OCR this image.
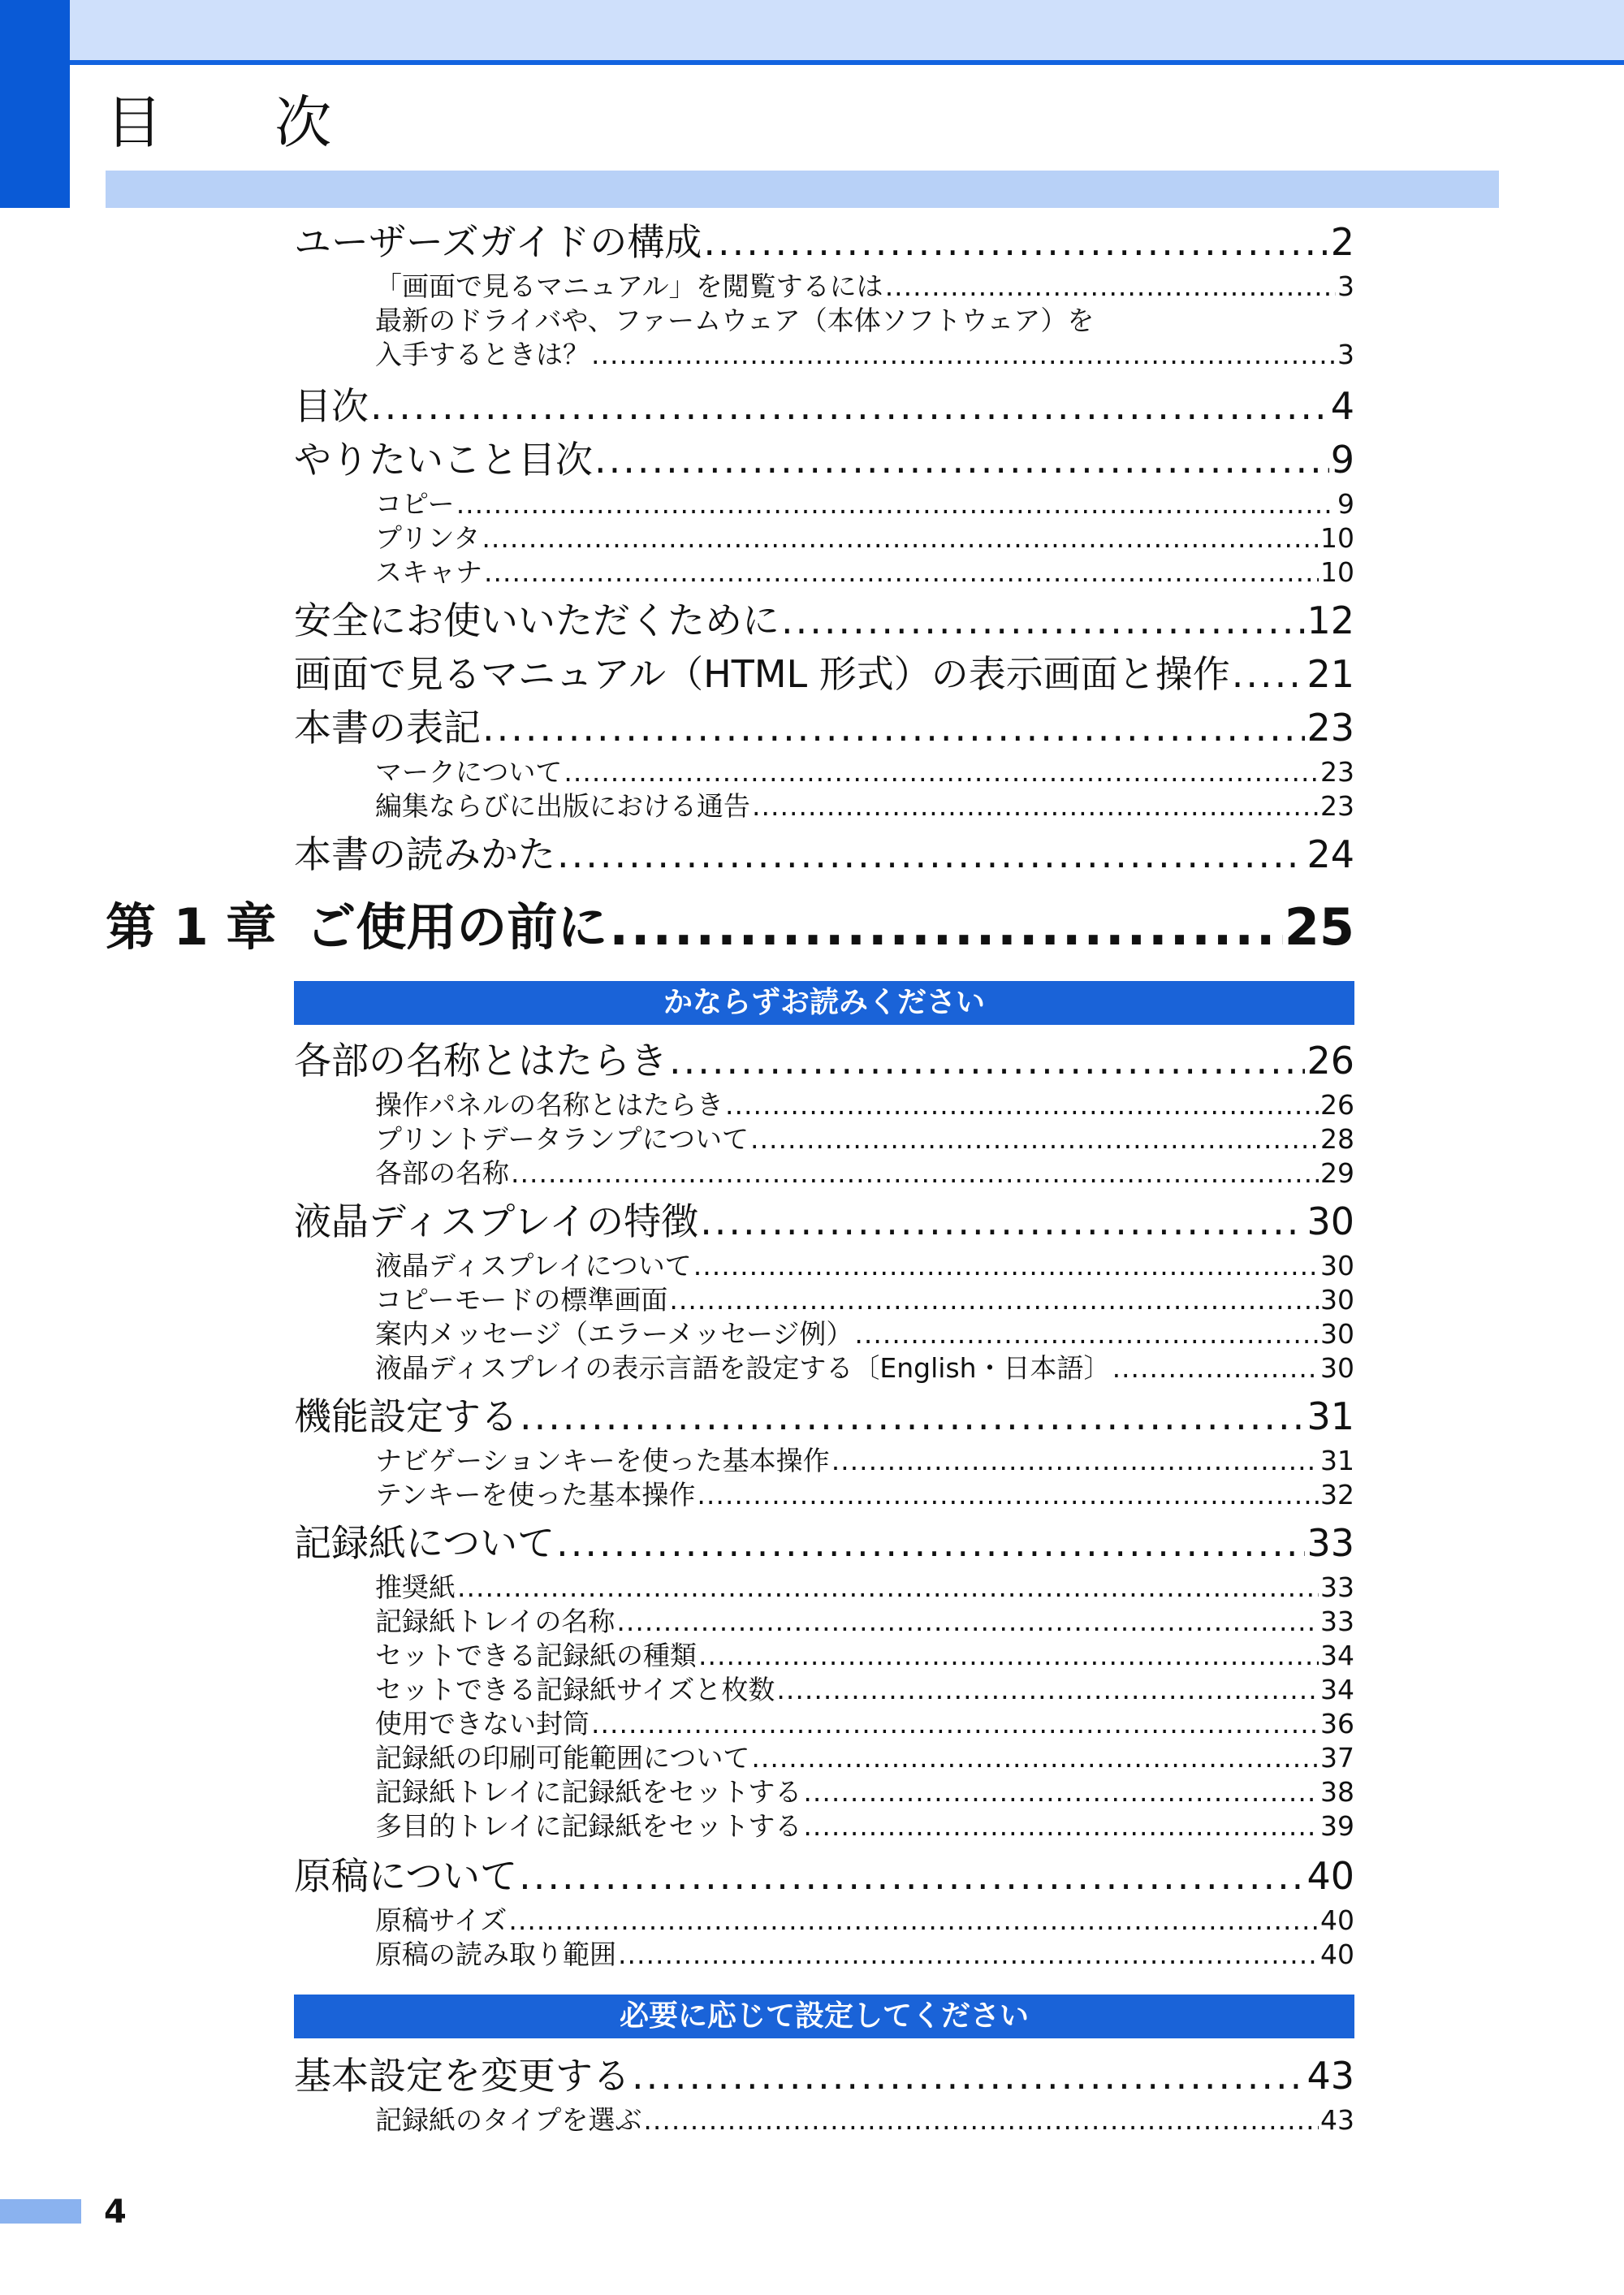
目 次
ユーザーズガイドの構成 .....	2
「画面で見るマニュアル」を閲覧するには .....	3
最新のドライバや、ファームウェア（本体ソフトウェア）を
入手するときは？ .....	3
目次 .....	4
やりたいこと目次 .....	9
コピー .....	9
プリンタ .....	10
スキャナ .....	10
安全にお使いいただくために .....	12
画面で見るマニュアル（HTML 形式）の表示画面と操作 ..... 21
本書の表記 .....	23
マークについて .....	23
編集ならびに出版における通告 .....	23
本書の読みかた .....	24
第 1 章 ご使用の前に .....	25
かならずお読みください
各部の名称とはたらき .....	26
操作パネルの名称とはたらき .....	26
プリントデータランプについて .....	28
各部の名称 .....	29
液晶ディスプレイの特徴 .....	30
液晶ディスプレイについて .....	30
コピーモードの標準画面 .....	30
案内メッセージ（エラーメッセージ例） .....	30
液晶ディスプレイの表示言語を設定する〔English・日本語〕 .....	30
機能設定する .....	31
ナビゲーションキーを使った基本操作 .....	31
テンキーを使った基本操作 .....	32
記録紙について .....	33
推奨紙 .....	33
記録紙トレイの名称 .....	33
セットできる記録紙の種類 .....	34
セットできる記録紙サイズと枚数 .....	34
使用できない封筒 .....	36
記録紙の印刷可能範囲について .....	37
記録紙トレイに記録紙をセットする .....	38
多目的トレイに記録紙をセットする .....	39
原稿について .....	40
原稿サイズ .....	40
原稿の読み取り範囲 .....	40
必要に応じて設定してください
基本設定を変更する .....	43
記録紙のタイプを選ぶ .....	43
4
